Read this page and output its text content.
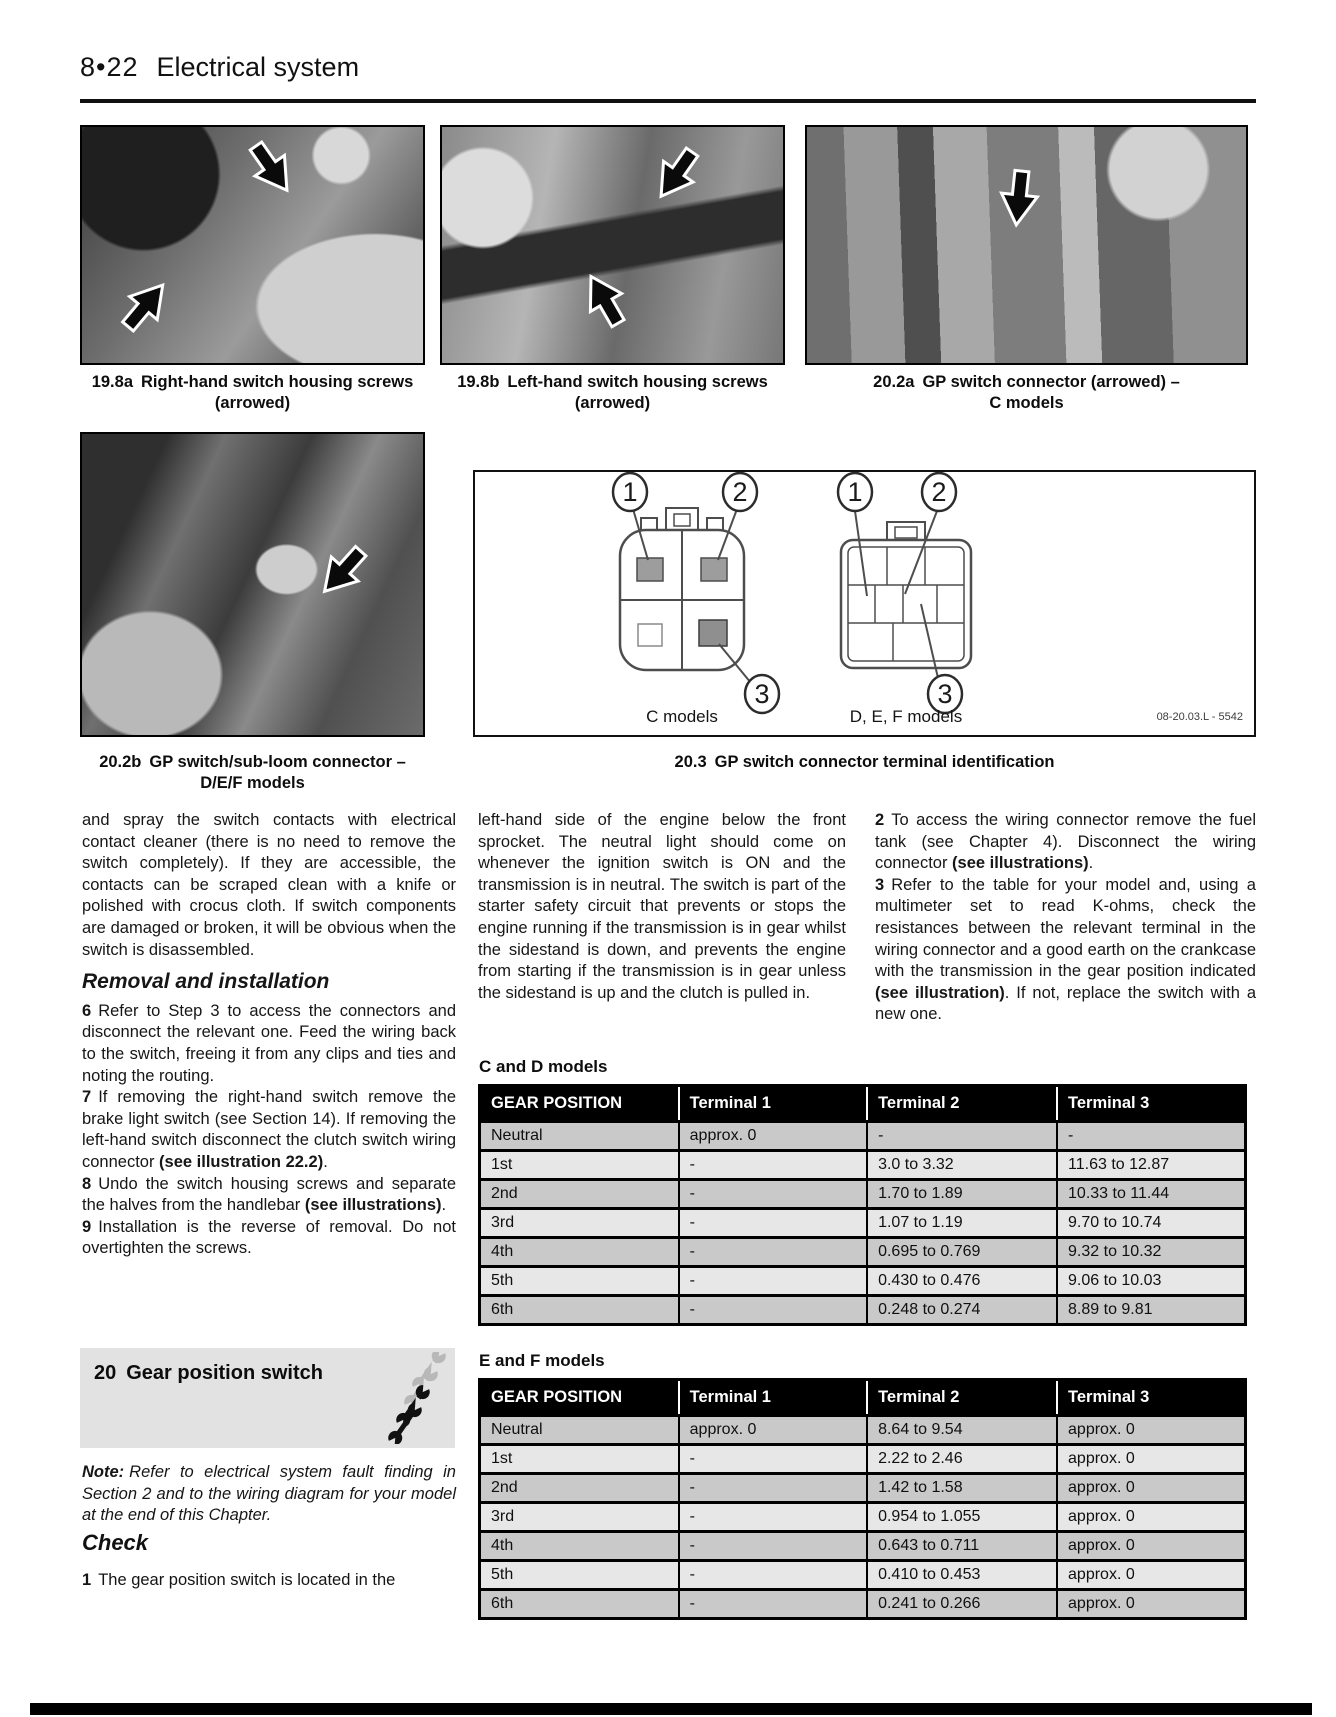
8•22 Electrical system
19.8a Right-hand switch housing screws
(arrowed)
19.8b Left-hand switch housing screws
(arrowed)
20.2a GP switch connector (arrowed) –
C models
1	2
3
1	2
3
C models	D, E, F models	08-20.03.L - 5542
20.2b GP switch/sub-loom connector –
D/E/F models
20.3 GP switch connector terminal identification

and spray the switch contacts with electrical contact cleaner (there is no need to remove the switch completely). If they are accessible, the contacts can be scraped clean with a knife or polished with crocus cloth. If switch components are damaged or broken, it will be obvious when the switch is disassembled.

Removal and installation

6 Refer to Step 3 to access the connectors and disconnect the relevant one. Feed the wiring back to the switch, freeing it from any clips and ties and noting the routing.

7 If removing the right-hand switch remove the brake light switch (see Section 14). If removing the left-hand switch disconnect the clutch switch wiring connector (see illustration 22.2).

8 Undo the switch housing screws and separate the halves from the handlebar (see illustrations).

9 Installation is the reverse of removal. Do not overtighten the screws.

left-hand side of the engine below the front sprocket. The neutral light should come on whenever the ignition switch is ON and the transmission is in neutral. The switch is part of the starter safety circuit that prevents or stops the engine running if the transmission is in gear whilst the sidestand is down, and prevents the engine from starting if the transmission is in gear unless the sidestand is up and the clutch is pulled in.

2 To access the wiring connector remove the fuel tank (see Chapter 4). Disconnect the wiring connector (see illustrations).

3 Refer to the table for your model and, using a multimeter set to read K-ohms, check the resistances between the relevant terminal in the wiring connector and a good earth on the crankcase with the transmission in the gear position indicated (see illustration). If not, replace the switch with a new one.

C and D models
GEAR POSITION	Terminal 1	Terminal 2	Terminal 3
Neutral	approx. 0	-	-
1st	-	3.0 to 3.32	11.63 to 12.87
2nd	-	1.70 to 1.89	10.33 to 11.44
3rd	-	1.07 to 1.19	9.70 to 10.74
4th	-	0.695 to 0.769	9.32 to 10.32
5th	-	0.430 to 0.476	9.06 to 10.03
6th	-	0.248 to 0.274	8.89 to 9.81
E and F models
GEAR POSITION	Terminal 1	Terminal 2	Terminal 3
Neutral	approx. 0	8.64 to 9.54	approx. 0
1st	-	2.22 to 2.46	approx. 0
2nd	-	1.42 to 1.58	approx. 0
3rd	-	0.954 to 1.055	approx. 0
4th	-	0.643 to 0.711	approx. 0
5th	-	0.410 to 0.453	approx. 0
6th	-	0.241 to 0.266	approx. 0
20 Gear position switch
Note: Refer to electrical system fault finding in Section 2 and to the wiring diagram for your model at the end of this Chapter.
Check
1 The gear position switch is located in the
